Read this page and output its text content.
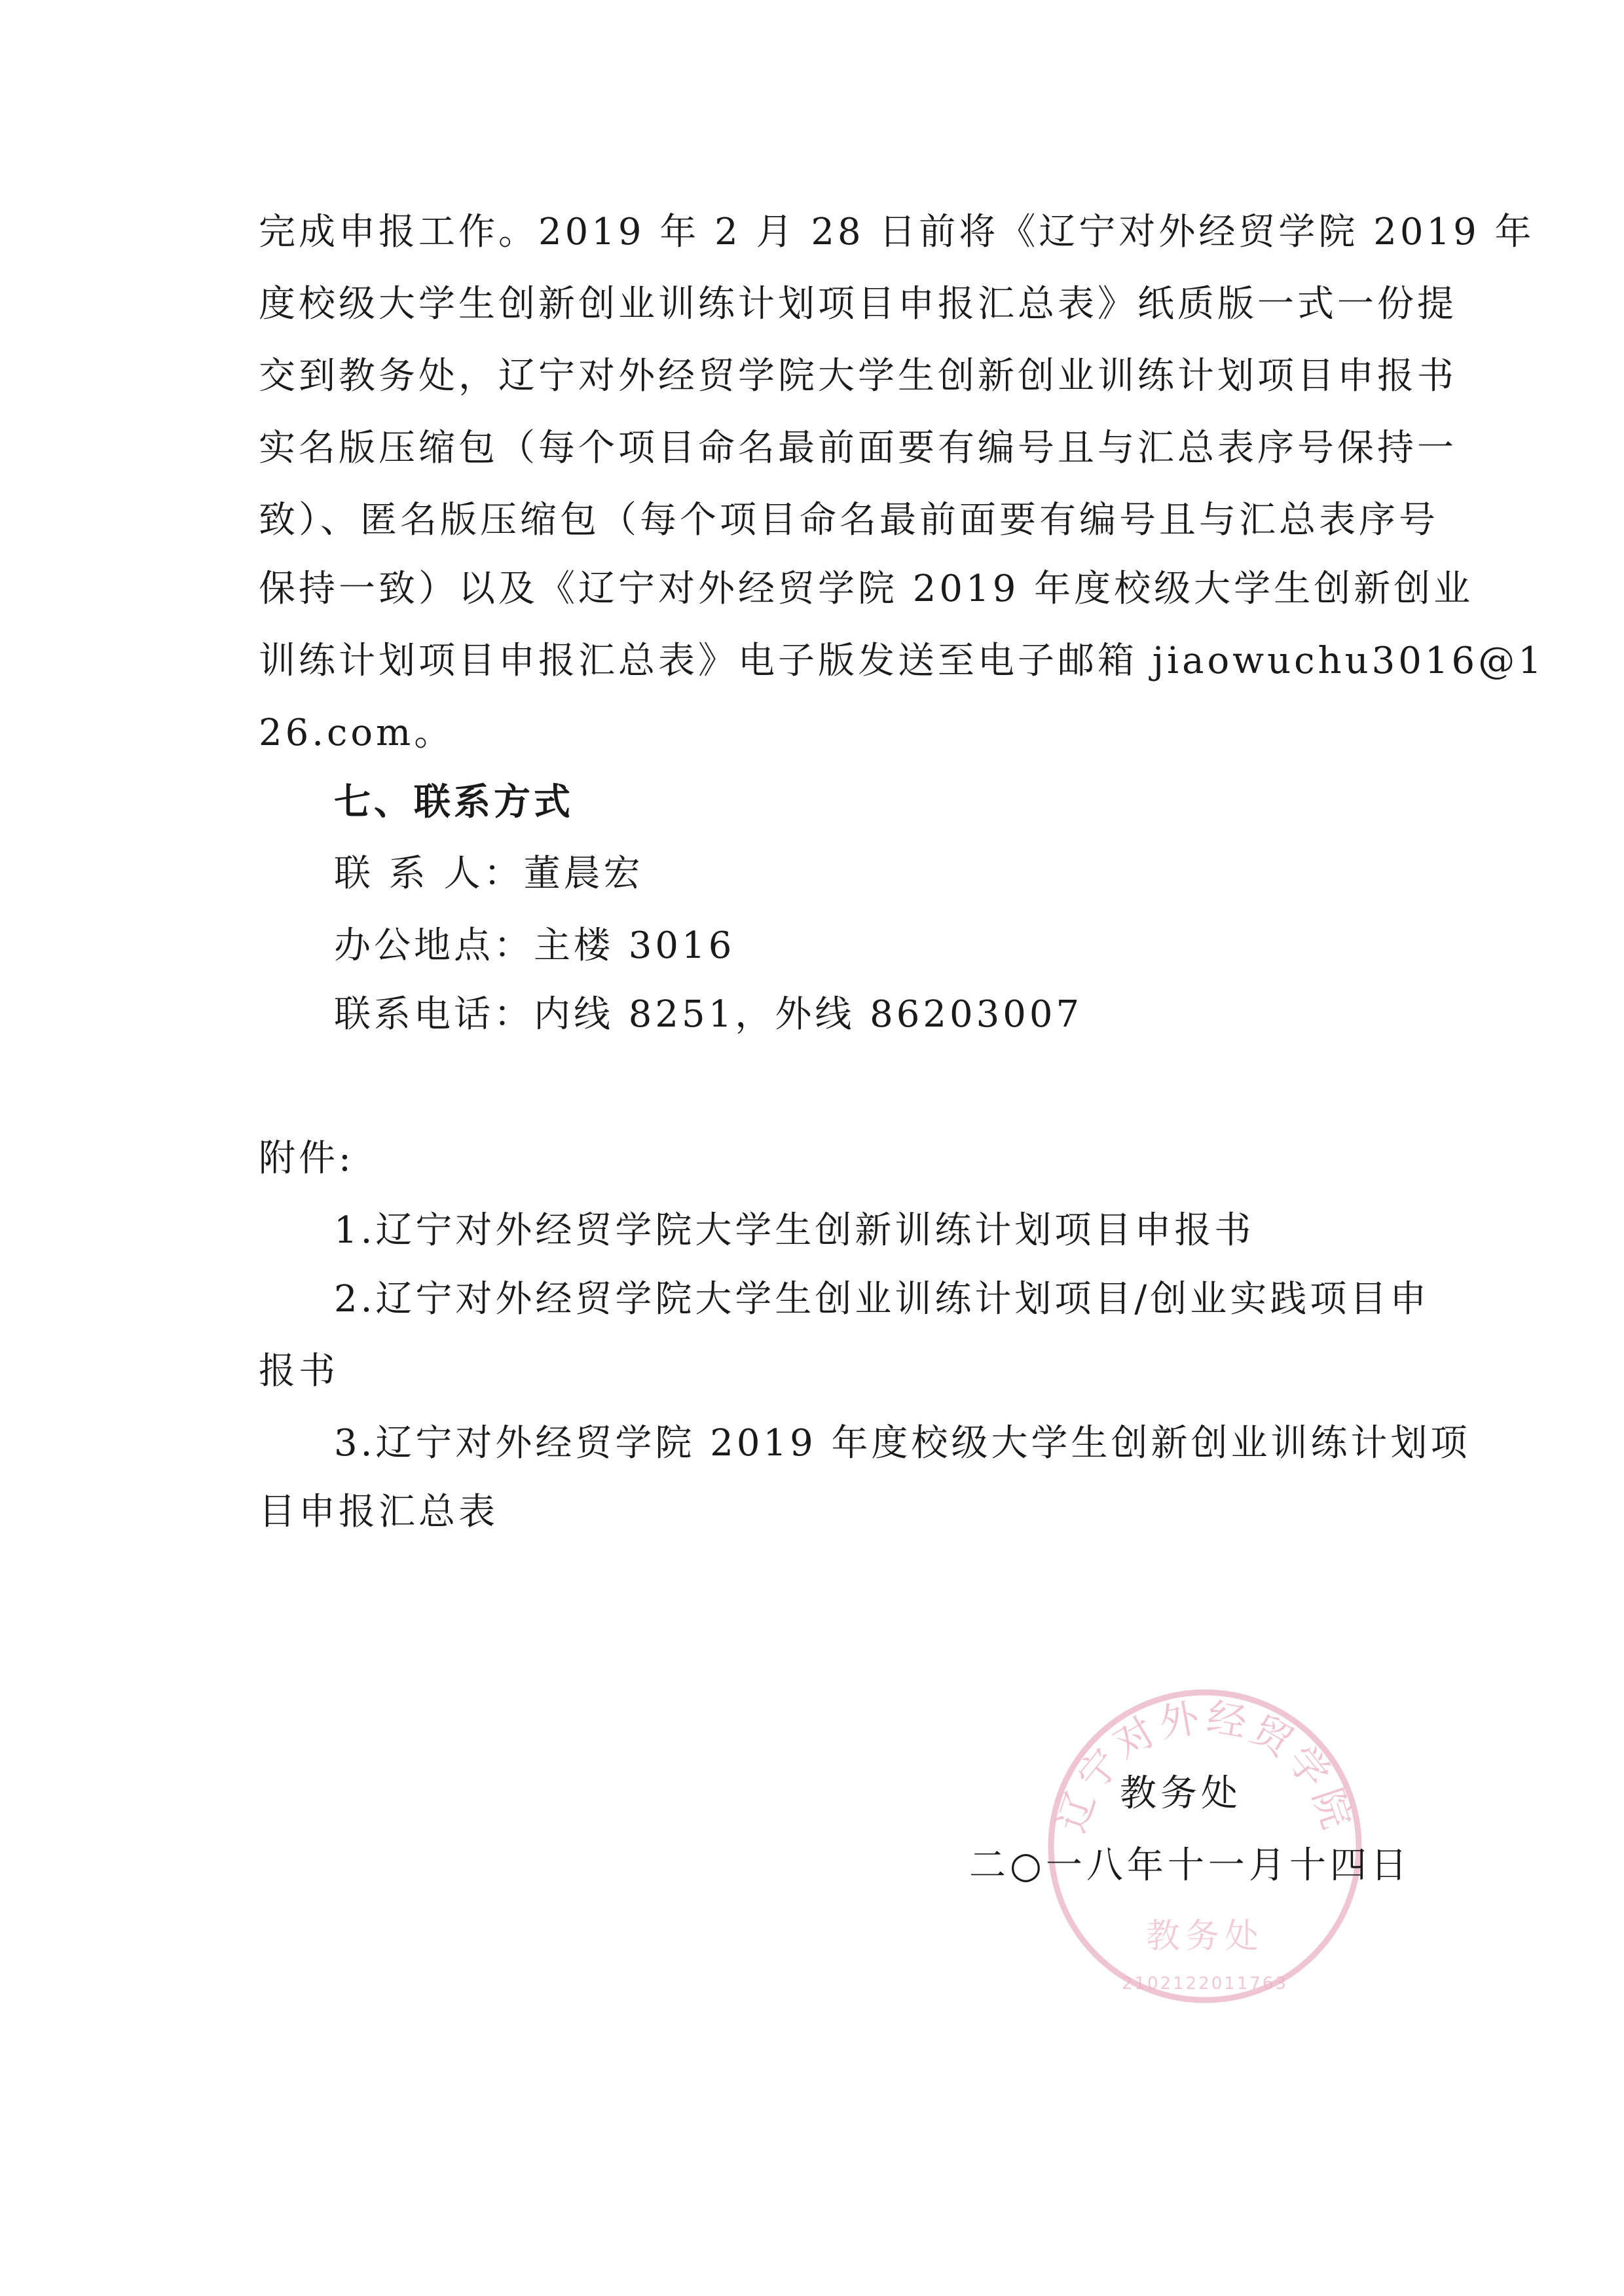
完成申报工作。2019 年 2 月 28 日前将《辽宁对外经贸学院 2019 年
度校级大学生创新创业训练计划项目申报汇总表》纸质版一式一份提
交到教务处，辽宁对外经贸学院大学生创新创业训练计划项目申报书
实名版压缩包（每个项目命名最前面要有编号且与汇总表序号保持一
致）、匿名版压缩包（每个项目命名最前面要有编号且与汇总表序号
保持一致）以及《辽宁对外经贸学院 2019 年度校级大学生创新创业
训练计划项目申报汇总表》电子版发送至电子邮箱 jiaowuchu3016@1
26.com。
七、联系方式
联 系 人：董晨宏
办公地点：主楼 3016
联系电话：内线 8251，外线 86203007
附件:
1.辽宁对外经贸学院大学生创新训练计划项目申报书
2.辽宁对外经贸学院大学生创业训练计划项目/创业实践项目申
报书
3.辽宁对外经贸学院 2019 年度校级大学生创新创业训练计划项
目申报汇总表
辽宁对外经贸学院
教务处
2102122011763
教务处
二○一八年十一月十四日
